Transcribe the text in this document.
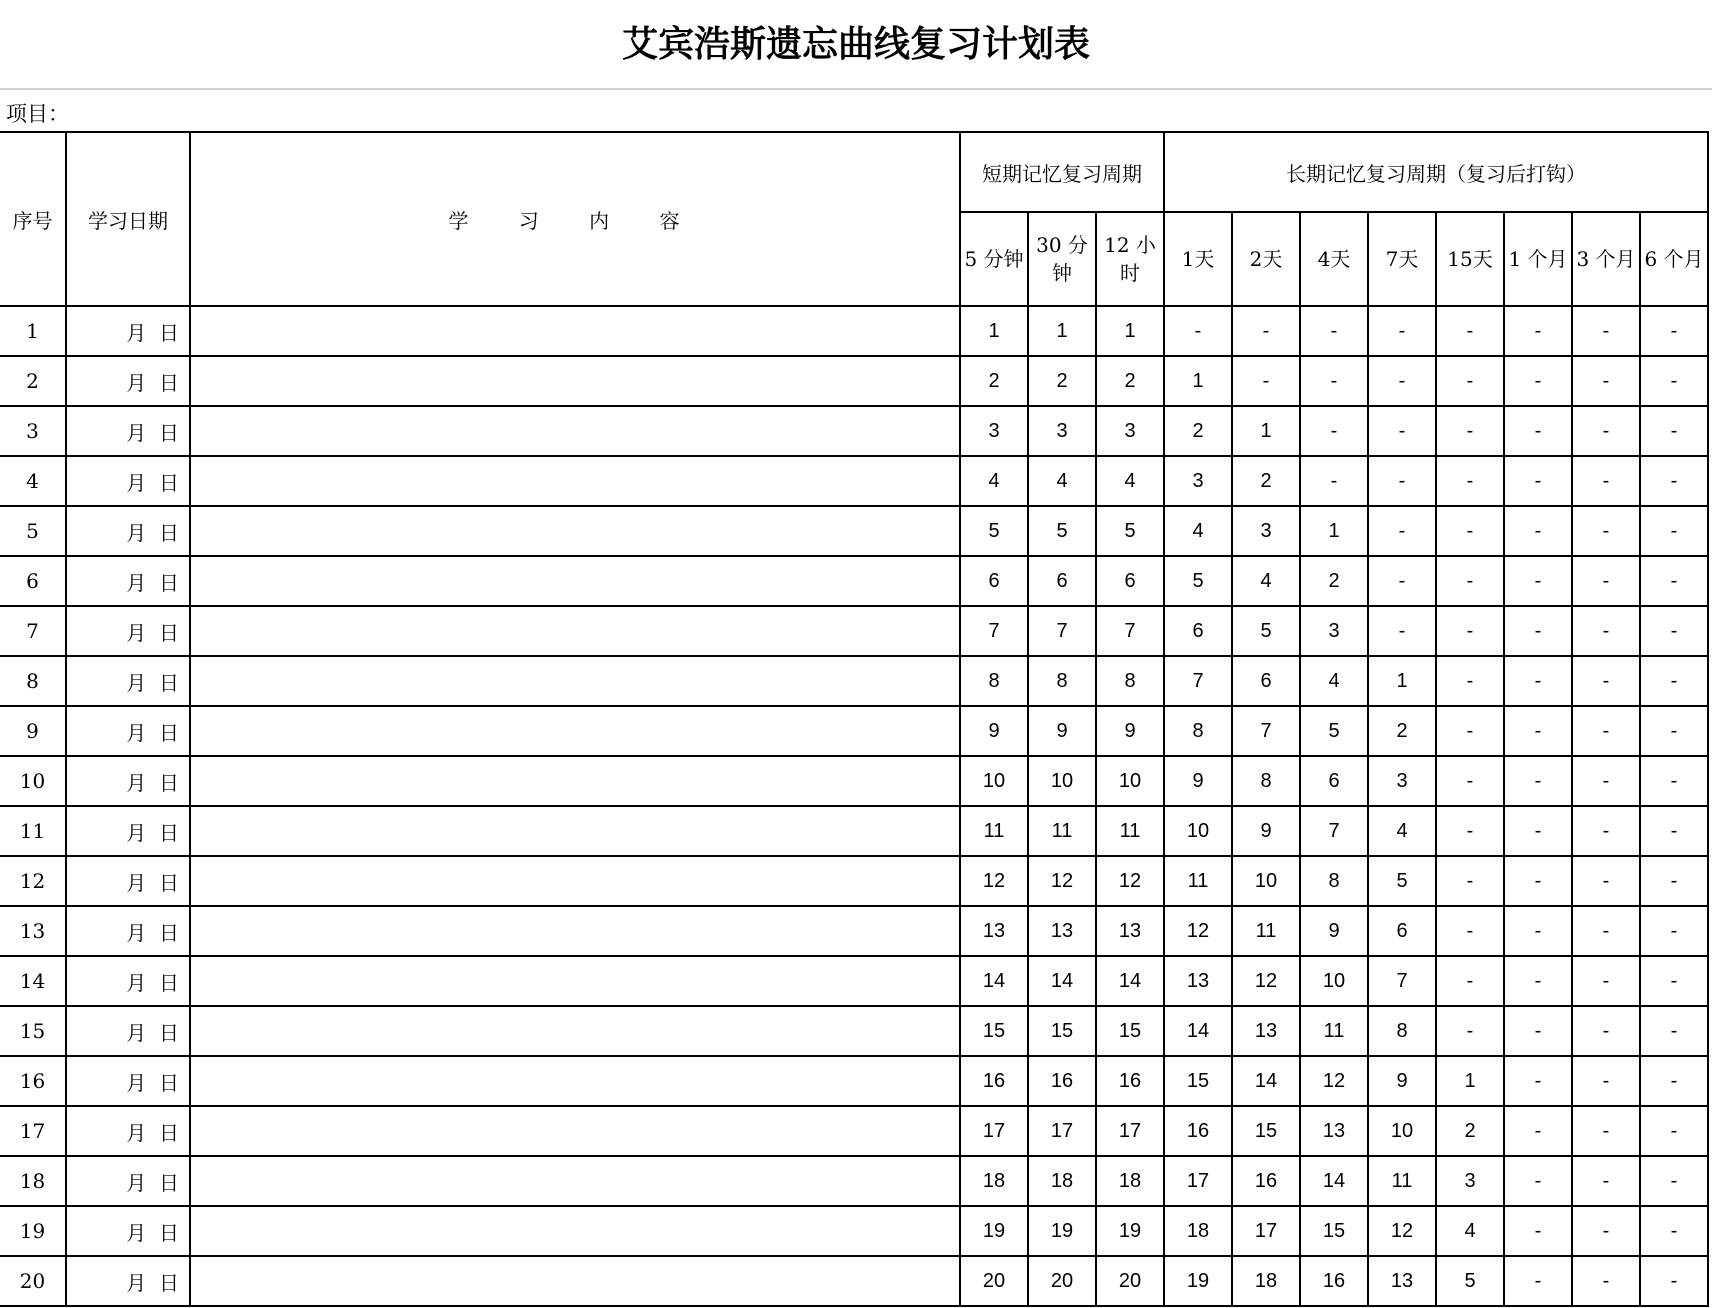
艾宾浩斯遗忘曲线复习计划表
项目：
序号	学习日期	学 习 内 容	短期记忆复习周期			长期记忆复习周期（复习后打钩）							
			5 分钟	30 分钟	12 小时	1天	2天	4天	7天	15天	1 个月	3 个月	6 个月
1	月  日		1	1	1	-	-	-	-	-	-	-	-
2	月  日		2	2	2	1	-	-	-	-	-	-	-
3	月  日		3	3	3	2	1	-	-	-	-	-	-
4	月  日		4	4	4	3	2	-	-	-	-	-	-
5	月  日		5	5	5	4	3	1	-	-	-	-	-
6	月  日		6	6	6	5	4	2	-	-	-	-	-
7	月  日		7	7	7	6	5	3	-	-	-	-	-
8	月  日		8	8	8	7	6	4	1	-	-	-	-
9	月  日		9	9	9	8	7	5	2	-	-	-	-
10	月  日		10	10	10	9	8	6	3	-	-	-	-
11	月  日		11	11	11	10	9	7	4	-	-	-	-
12	月  日		12	12	12	11	10	8	5	-	-	-	-
13	月  日		13	13	13	12	11	9	6	-	-	-	-
14	月  日		14	14	14	13	12	10	7	-	-	-	-
15	月  日		15	15	15	14	13	11	8	-	-	-	-
16	月  日		16	16	16	15	14	12	9	1	-	-	-
17	月  日		17	17	17	16	15	13	10	2	-	-	-
18	月  日		18	18	18	17	16	14	11	3	-	-	-
19	月  日		19	19	19	18	17	15	12	4	-	-	-
20	月  日		20	20	20	19	18	16	13	5	-	-	-
